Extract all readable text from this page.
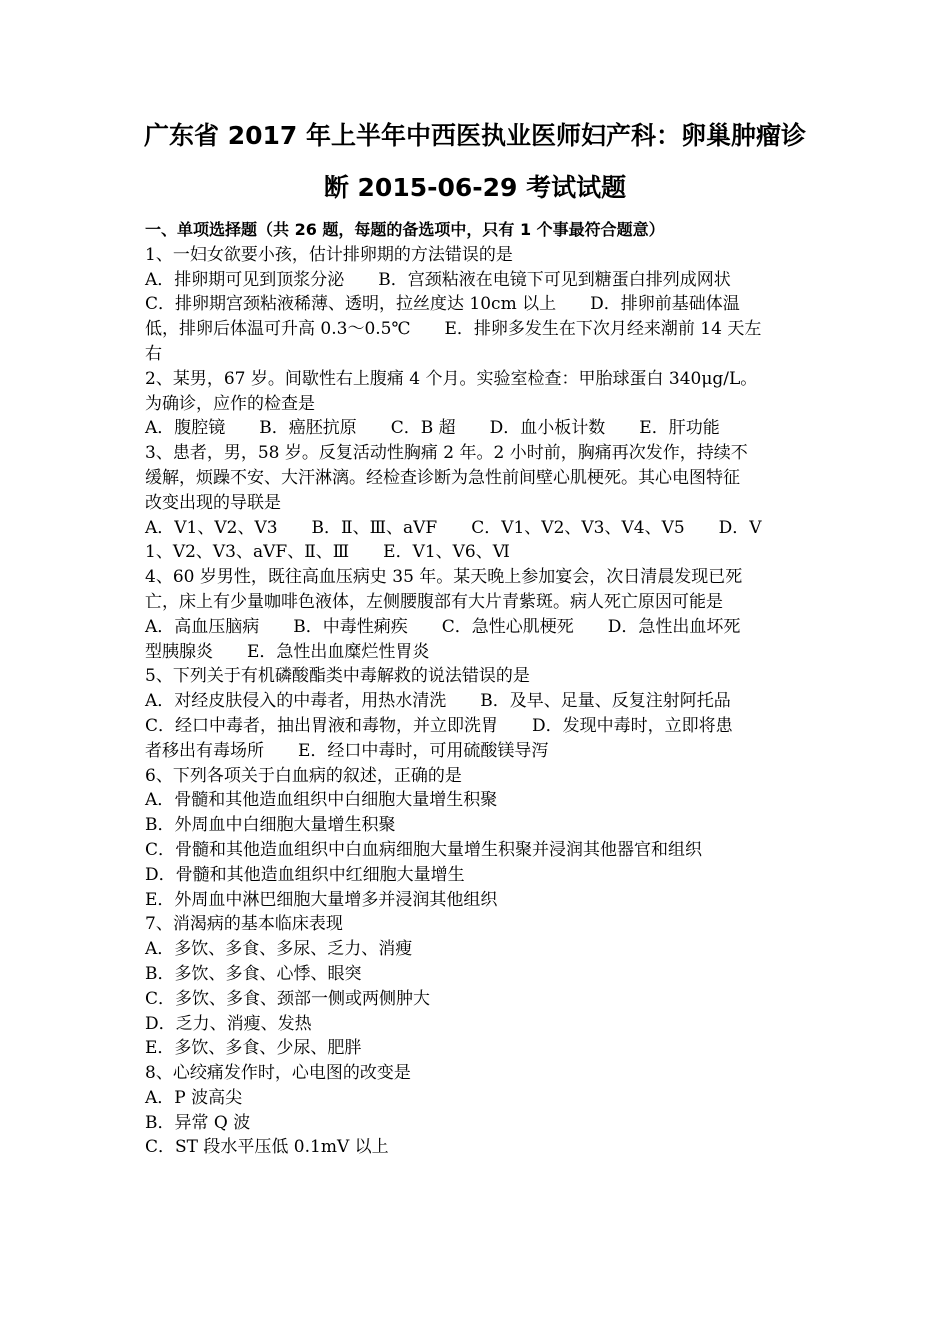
广东省 2017 年上半年中西医执业医师妇产科：卵巢肿瘤诊
断 2015-06-29 考试试题
一、单项选择题（共 26 题，每题的备选项中，只有 1 个事最符合题意）
1、一妇女欲要小孩，估计排卵期的方法错误的是
A．排卵期可见到顶浆分泌　　B．宫颈粘液在电镜下可见到糖蛋白排列成网状
C．排卵期宫颈粘液稀薄、透明，拉丝度达 10cm 以上　　D．排卵前基础体温
低，排卵后体温可升高 0.3～0.5℃　　E．排卵多发生在下次月经来潮前 14 天左
右
2、某男，67 岁。间歇性右上腹痛 4 个月。实验室检查：甲胎球蛋白 340μg/L。
为确诊，应作的检查是
A．腹腔镜　　B．癌胚抗原　　C．B 超　　D．血小板计数　　E．肝功能
3、患者，男，58 岁。反复活动性胸痛 2 年。2 小时前，胸痛再次发作，持续不
缓解，烦躁不安、大汗淋漓。经检查诊断为急性前间壁心肌梗死。其心电图特征
改变出现的导联是
A．V1、V2、V3　　B．Ⅱ、Ⅲ、aVF　　C．V1、V2、V3、V4、V5　　D．V
1、V2、V3、aVF、Ⅱ、Ⅲ　　E．V1、V6、Ⅵ
4、60 岁男性，既往高血压病史 35 年。某天晚上参加宴会，次日清晨发现已死
亡，床上有少量咖啡色液体，左侧腰腹部有大片青紫斑。病人死亡原因可能是
A．高血压脑病　　B．中毒性痢疾　　C．急性心肌梗死　　D．急性出血坏死
型胰腺炎　　E．急性出血糜烂性胃炎
5、下列关于有机磷酸酯类中毒解救的说法错误的是
A．对经皮肤侵入的中毒者，用热水清洗　　B．及早、足量、反复注射阿托品
C．经口中毒者，抽出胃液和毒物，并立即洗胃　　D．发现中毒时，立即将患
者移出有毒场所　　E．经口中毒时，可用硫酸镁导泻
6、下列各项关于白血病的叙述，正确的是
A．骨髓和其他造血组织中白细胞大量增生积聚
B．外周血中白细胞大量增生积聚
C．骨髓和其他造血组织中白血病细胞大量增生积聚并浸润其他器官和组织
D．骨髓和其他造血组织中红细胞大量增生
E．外周血中淋巴细胞大量增多并浸润其他组织
7、消渴病的基本临床表现
A．多饮、多食、多尿、乏力、消瘦
B．多饮、多食、心悸、眼突
C．多饮、多食、颈部一侧或两侧肿大
D．乏力、消瘦、发热
E．多饮、多食、少尿、肥胖
8、心绞痛发作时，心电图的改变是
A．P 波高尖
B．异常 Q 波
C．ST 段水平压低 0.1mV 以上
